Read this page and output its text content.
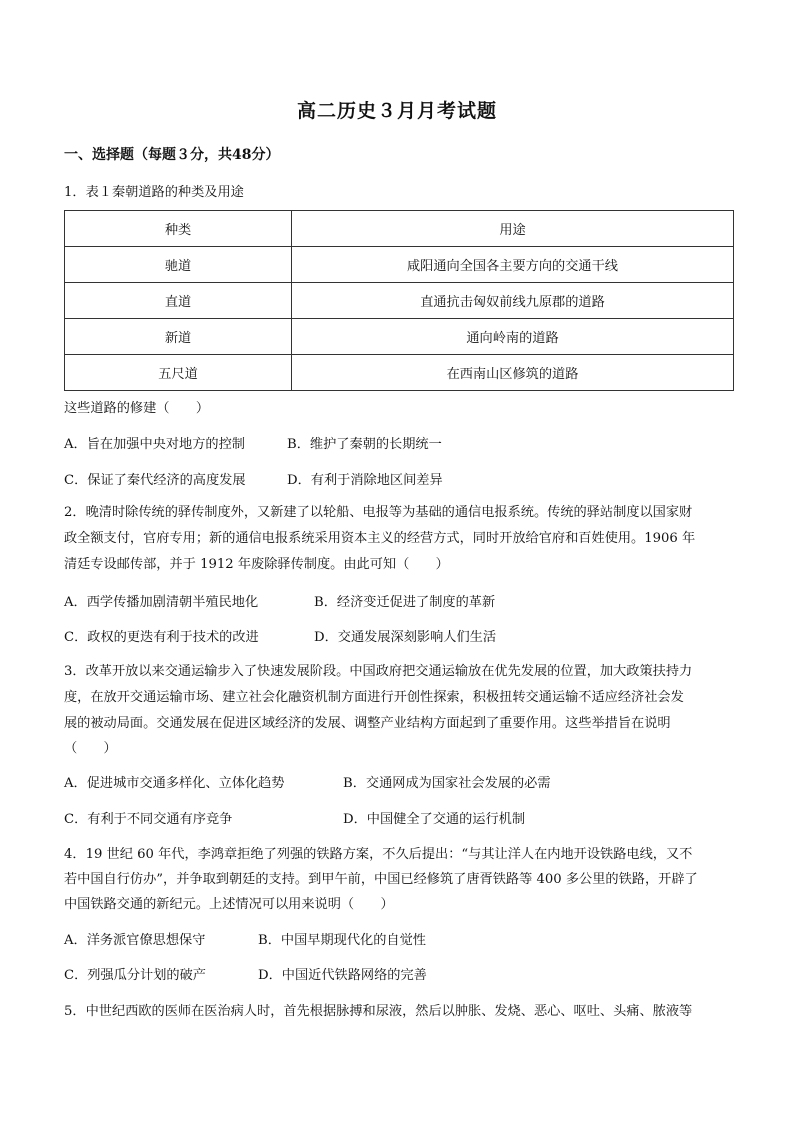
高二历史３月月考试题
一、选择题（每题３分，共48分）
1．表１秦朝道路的种类及用途
种类	用途
驰道	咸阳通向全国各主要方向的交通干线
直道	直通抗击匈奴前线九原郡的道路
新道	通向岭南的道路
五尺道	在西南山区修筑的道路
这些道路的修建（　　）
A．旨在加强中央对地方的控制	B．维护了秦朝的长期统一
C．保证了秦代经济的高度发展	D．有利于消除地区间差异
2．晚清时除传统的驿传制度外，又新建了以轮船、电报等为基础的通信电报系统。传统的驿站制度以国家财
政全额支付，官府专用；新的通信电报系统采用资本主义的经营方式，同时开放给官府和百姓使用。1906 年
清廷专设邮传部，并于 1912 年废除驿传制度。由此可知（　　）
A．西学传播加剧清朝半殖民地化	B．经济变迁促进了制度的革新
C．政权的更迭有利于技术的改进	D．交通发展深刻影响人们生活
3．改革开放以来交通运输步入了快速发展阶段。中国政府把交通运输放在优先发展的位置，加大政策扶持力
度，在放开交通运输市场、建立社会化融资机制方面进行开创性探索，积极扭转交通运输不适应经济社会发
展的被动局面。交通发展在促进区域经济的发展、调整产业结构方面起到了重要作用。这些举措旨在说明
（　　）
A．促进城市交通多样化、立体化趋势	B．交通网成为国家社会发展的必需
C．有利于不同交通有序竞争	D．中国健全了交通的运行机制
4．19 世纪 60 年代，李鸿章拒绝了列强的铁路方案，不久后提出：“与其让洋人在内地开设铁路电线，又不
若中国自行仿办”，并争取到朝廷的支持。到甲午前，中国已经修筑了唐胥铁路等 400 多公里的铁路，开辟了
中国铁路交通的新纪元。上述情况可以用来说明（　　）
A．洋务派官僚思想保守	B．中国早期现代化的自觉性
C．列强瓜分计划的破产	D．中国近代铁路网络的完善
5．中世纪西欧的医师在医治病人时，首先根据脉搏和尿液，然后以肿胀、发烧、恶心、呕吐、头痛、脓液等
